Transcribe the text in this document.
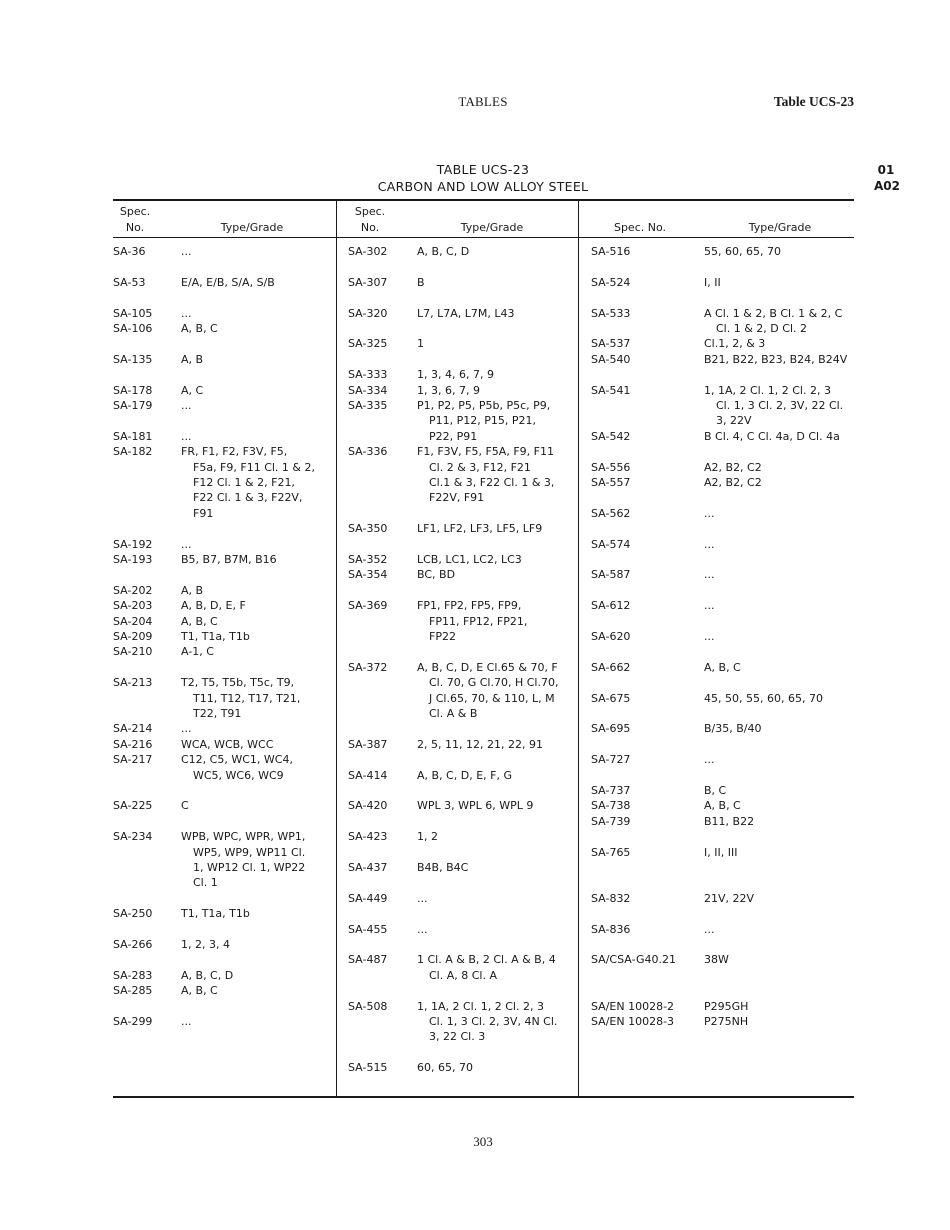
TABLES	Table UCS-23
TABLE UCS-23
CARBON AND LOW ALLOY STEEL
01
A02
Spec.
No.	Type/Grade
Spec.
No.	Type/Grade	Spec. No.	Type/Grade
SA-36	...
SA-53	E/A, E/B, S/A, S/B
SA-105	...
SA-106	A, B, C
SA-135	A, B
SA-178	A, C
SA-179	...
SA-181	...
SA-182	FR, F1, F2, F3V, F5,
F5a, F9, F11 Cl. 1 & 2,
F12 Cl. 1 & 2, F21,
F22 Cl. 1 & 3, F22V,
F91
SA-192	...
SA-193	B5, B7, B7M, B16
SA-202	A, B
SA-203	A, B, D, E, F
SA-204	A, B, C
SA-209	T1, T1a, T1b
SA-210	A-1, C
SA-213	T2, T5, T5b, T5c, T9,
T11, T12, T17, T21,
T22, T91
SA-214	...
SA-216	WCA, WCB, WCC
SA-217	C12, C5, WC1, WC4,
WC5, WC6, WC9
SA-225	C
SA-234	WPB, WPC, WPR, WP1,
WP5, WP9, WP11 Cl.
1, WP12 Cl. 1, WP22
Cl. 1
SA-250	T1, T1a, T1b
SA-266	1, 2, 3, 4
SA-283	A, B, C, D
SA-285	A, B, C
SA-299	...
SA-302	A, B, C, D
SA-307	B
SA-320	L7, L7A, L7M, L43
SA-325	1
SA-333	1, 3, 4, 6, 7, 9
SA-334	1, 3, 6, 7, 9
SA-335	P1, P2, P5, P5b, P5c, P9,
P11, P12, P15, P21,
P22, P91
SA-336	F1, F3V, F5, F5A, F9, F11
Cl. 2 & 3, F12, F21
Cl.1 & 3, F22 Cl. 1 & 3,
F22V, F91
SA-350	LF1, LF2, LF3, LF5, LF9
SA-352	LCB, LC1, LC2, LC3
SA-354	BC, BD
SA-369	FP1, FP2, FP5, FP9,
FP11, FP12, FP21,
FP22
SA-372	A, B, C, D, E Cl.65 & 70, F
Cl. 70, G Cl.70, H Cl.70,
J Cl.65, 70, & 110, L, M
Cl. A & B
SA-387	2, 5, 11, 12, 21, 22, 91
SA-414	A, B, C, D, E, F, G
SA-420	WPL 3, WPL 6, WPL 9
SA-423	1, 2
SA-437	B4B, B4C
SA-449	...
SA-455	...
SA-487	1 Cl. A & B, 2 Cl. A & B, 4
Cl. A, 8 Cl. A
SA-508	1, 1A, 2 Cl. 1, 2 Cl. 2, 3
Cl. 1, 3 Cl. 2, 3V, 4N Cl.
3, 22 Cl. 3
SA-515	60, 65, 70
SA-516	55, 60, 65, 70
SA-524	I, II
SA-533	A Cl. 1 & 2, B Cl. 1 & 2, C
Cl. 1 & 2, D Cl. 2
SA-537	Cl.1, 2, & 3
SA-540	B21, B22, B23, B24, B24V
SA-541	1, 1A, 2 Cl. 1, 2 Cl. 2, 3
Cl. 1, 3 Cl. 2, 3V, 22 Cl.
3, 22V
SA-542	B Cl. 4, C Cl. 4a, D Cl. 4a
SA-556	A2, B2, C2
SA-557	A2, B2, C2
SA-562	...
SA-574	...
SA-587	...
SA-612	...
SA-620	...
SA-662	A, B, C
SA-675	45, 50, 55, 60, 65, 70
SA-695	B/35, B/40
SA-727	...
SA-737	B, C
SA-738	A, B, C
SA-739	B11, B22
SA-765	I, II, III
SA-832	21V, 22V
SA-836	...
SA/CSA-G40.21	38W
SA/EN 10028-2	P295GH
SA/EN 10028-3	P275NH
303
